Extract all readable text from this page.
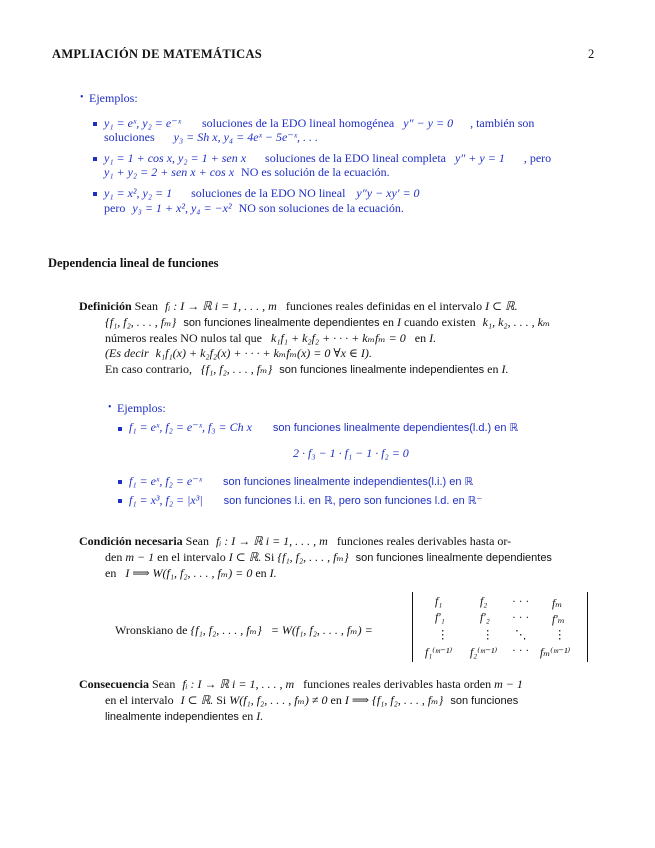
AMPLIACIÓN DE MATEMÁTICAS	2
• Ejemplos:
y₁ = eˣ, y₂ = e⁻ˣ soluciones de la EDO lineal homogénea y″ − y = 0 , también son
soluciones y₃ = Sh x, y₄ = 4eˣ − 5e⁻ˣ, . . .
y₁ = 1 + cos x, y₂ = 1 + sen x soluciones de la EDO lineal completa y″ + y = 1 , pero
y₁ + y₂ = 2 + sen x + cos x NO es solución de la ecuación.
y₁ = x², y₂ = 1 soluciones de la EDO NO lineal y″y − xy′ = 0
pero y₃ = 1 + x², y₄ = −x² NO son soluciones de la ecuación.
Dependencia lineal de funciones
Definición Sean fᵢ : I → ℝ i = 1, . . . , m funciones reales definidas en el intervalo I ⊂ ℝ.
{f₁, f₂, . . . , fₘ} son funciones linealmente dependientes en I cuando existen k₁, k₂, . . . , kₘ
números reales NO nulos tal que k₁f₁ + k₂f₂ + · · · + kₘfₘ = 0 en I.
(Es decir k₁f₁(x) + k₂f₂(x) + · · · + kₘfₘ(x) = 0 ∀x ∈ I).
En caso contrario, {f₁, f₂, . . . , fₘ} son funciones linealmente independientes en I.
• Ejemplos:
f₁ = eˣ, f₂ = e⁻ˣ, f₃ = Ch x son funciones linealmente dependientes(l.d.) en ℝ
2 · f₃ − 1 · f₁ − 1 · f₂ = 0
f₁ = eˣ, f₂ = e⁻ˣ son funciones linealmente independientes(l.i.) en ℝ
f₁ = x³, f₂ = |x³| son funciones l.i. en ℝ, pero son funciones l.d. en ℝ⁻
Condición necesaria Sean fᵢ : I → ℝ i = 1, . . . , m funciones reales derivables hasta or-
den m − 1 en el intervalo I ⊂ ℝ. Si {f₁, f₂, . . . , fₘ} son funciones linealmente dependientes
en I ⟹ W(f₁, f₂, . . . , fₘ) = 0 en I.
Wronskiano de {f₁, f₂, . . . , fₘ} = W(f₁, f₂, . . . , fₘ) =
f₁	f₂ · · · fₘ
f′₁	f′₂ · · · f′ₘ
⋮	⋮ ⋱ ⋮
f₁⁽ᵐ⁻¹⁾ f₂⁽ᵐ⁻¹⁾ · · · fₘ⁽ᵐ⁻¹⁾
Consecuencia Sean fᵢ : I → ℝ i = 1, . . . , m funciones reales derivables hasta orden m − 1
en el intervalo I ⊂ ℝ. Si W(f₁, f₂, . . . , fₘ) ≠ 0 en I ⟹ {f₁, f₂, . . . , fₘ} son funciones
linealmente independientes en I.
